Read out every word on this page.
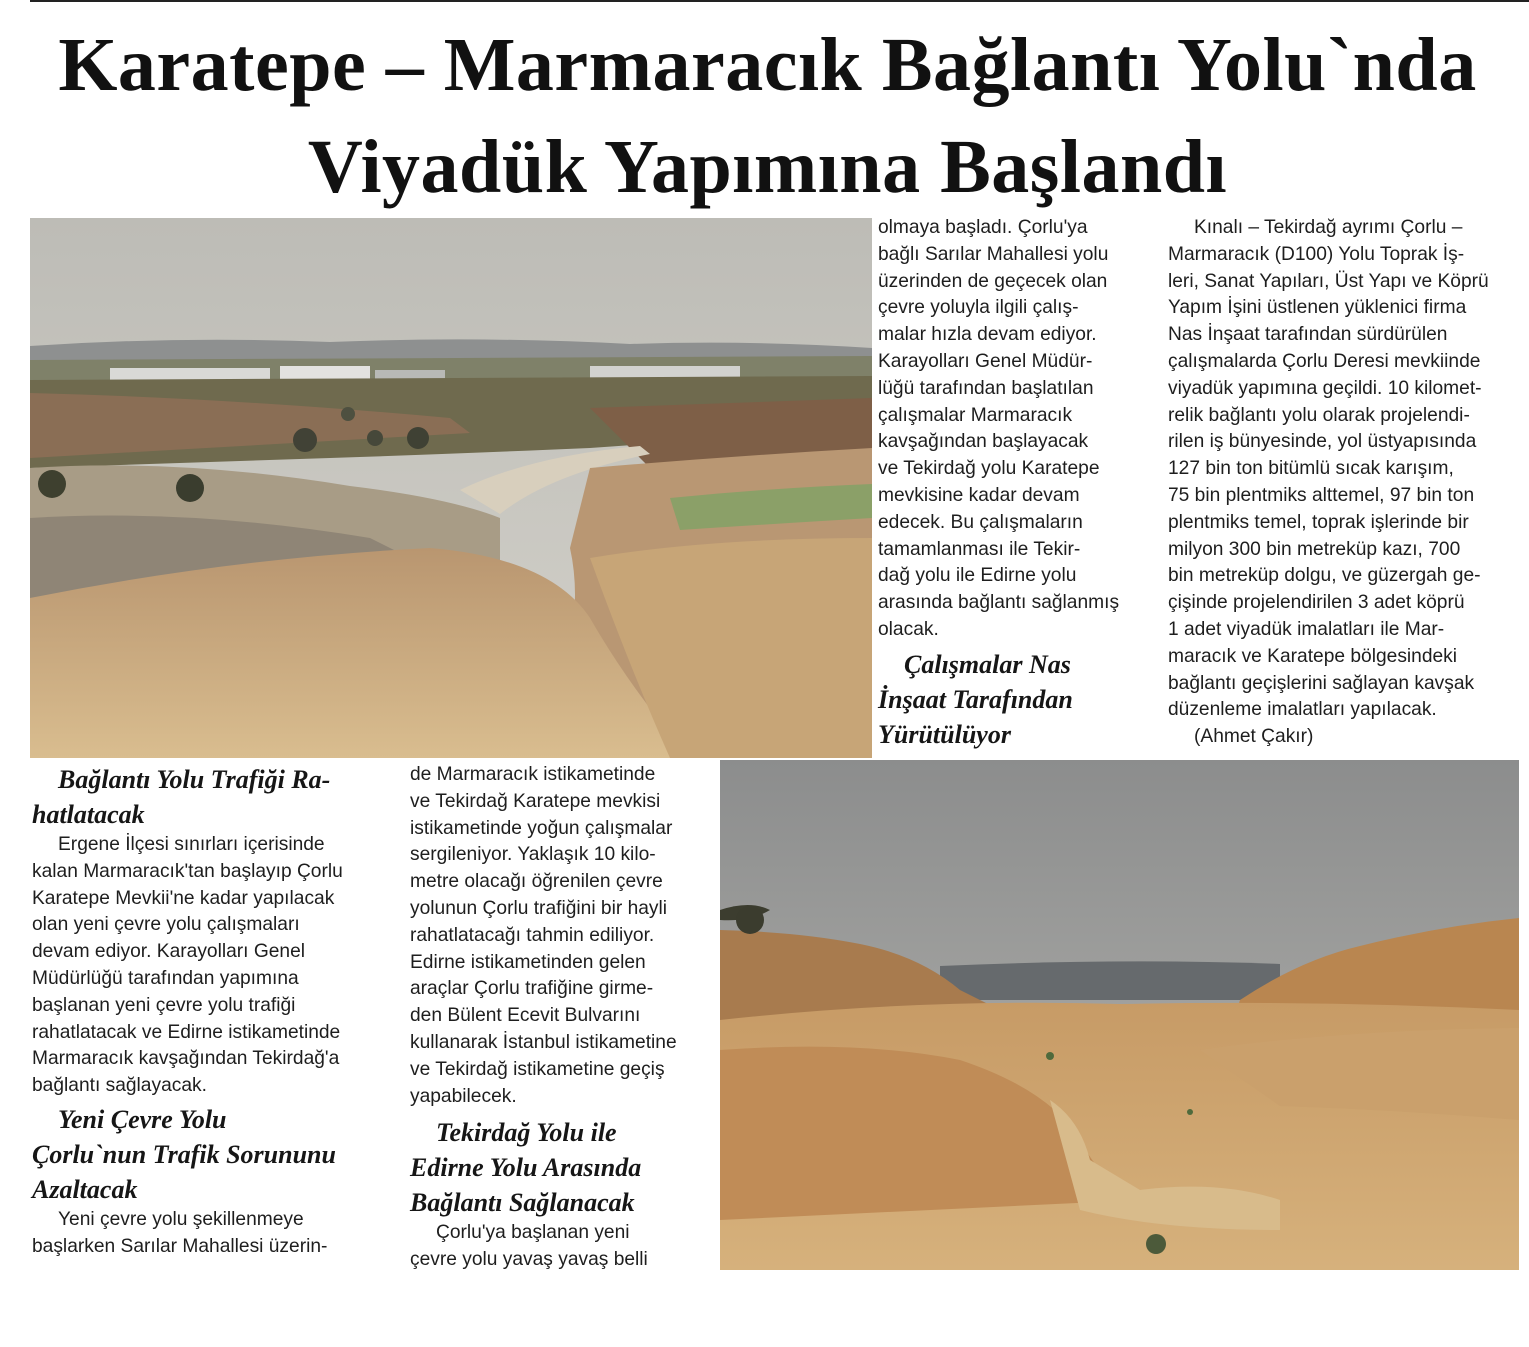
Karatepe – Marmaracık Bağlantı Yolu`nda
Viyadük Yapımına Başlandı

olmaya başladı. Çorlu'ya
bağlı Sarılar Mahallesi yolu
üzerinden de geçecek olan
çevre yoluyla ilgili çalış-
malar hızla devam ediyor.
Karayolları Genel Müdür-
lüğü tarafından başlatılan
çalışmalar Marmaracık
kavşağından başlayacak
ve Tekirdağ yolu Karatepe
mevkisine kadar devam
edecek. Bu çalışmaların
tamamlanması ile Tekir-
dağ yolu ile Edirne yolu
arasında bağlantı sağlanmış
olacak.

Çalışmalar Nas
İnşaat Tarafından
Yürütülüyor

Kınalı – Tekirdağ ayrımı Çorlu –
Marmaracık (D100) Yolu Toprak İş-
leri, Sanat Yapıları, Üst Yapı ve Köprü
Yapım İşini üstlenen yüklenici firma
Nas İnşaat tarafından sürdürülen
çalışmalarda Çorlu Deresi mevkiinde
viyadük yapımına geçildi. 10 kilomet-
relik bağlantı yolu olarak projelendi-
rilen iş bünyesinde, yol üstyapısında
127 bin ton bitümlü sıcak karışım,
75 bin plentmiks alttemel, 97 bin ton
plentmiks temel, toprak işlerinde bir
milyon 300 bin metreküp kazı, 700
bin metreküp dolgu, ve güzergah ge-
çişinde projelendirilen 3 adet köprü
1 adet viyadük imalatları ile Mar-
maracık ve Karatepe bölgesindeki
bağlantı geçişlerini sağlayan kavşak
düzenleme imalatları yapılacak.

(Ahmet Çakır)

Bağlantı Yolu Trafiği Ra-
hatlatacak

Ergene İlçesi sınırları içerisinde
kalan Marmaracık'tan başlayıp Çorlu
Karatepe Mevkii'ne kadar yapılacak
olan yeni çevre yolu çalışmaları
devam ediyor. Karayolları Genel
Müdürlüğü tarafından yapımına
başlanan yeni çevre yolu trafiği
rahatlatacak ve Edirne istikametinde
Marmaracık kavşağından Tekirdağ'a
bağlantı sağlayacak.

Yeni Çevre Yolu
Çorlu`nun Trafik Sorununu
Azaltacak

Yeni çevre yolu şekillenmeye
başlarken Sarılar Mahallesi üzerin-

de Marmaracık istikametinde
ve Tekirdağ Karatepe mevkisi
istikametinde yoğun çalışmalar
sergileniyor. Yaklaşık 10 kilo-
metre olacağı öğrenilen çevre
yolunun Çorlu trafiğini bir hayli
rahatlatacağı tahmin ediliyor.
Edirne istikametinden gelen
araçlar Çorlu trafiğine girme-
den Bülent Ecevit Bulvarını
kullanarak İstanbul istikametine
ve Tekirdağ istikametine geçiş
yapabilecek.

Tekirdağ Yolu ile
Edirne Yolu Arasında
Bağlantı Sağlanacak

Çorlu'ya başlanan yeni
çevre yolu yavaş yavaş belli
